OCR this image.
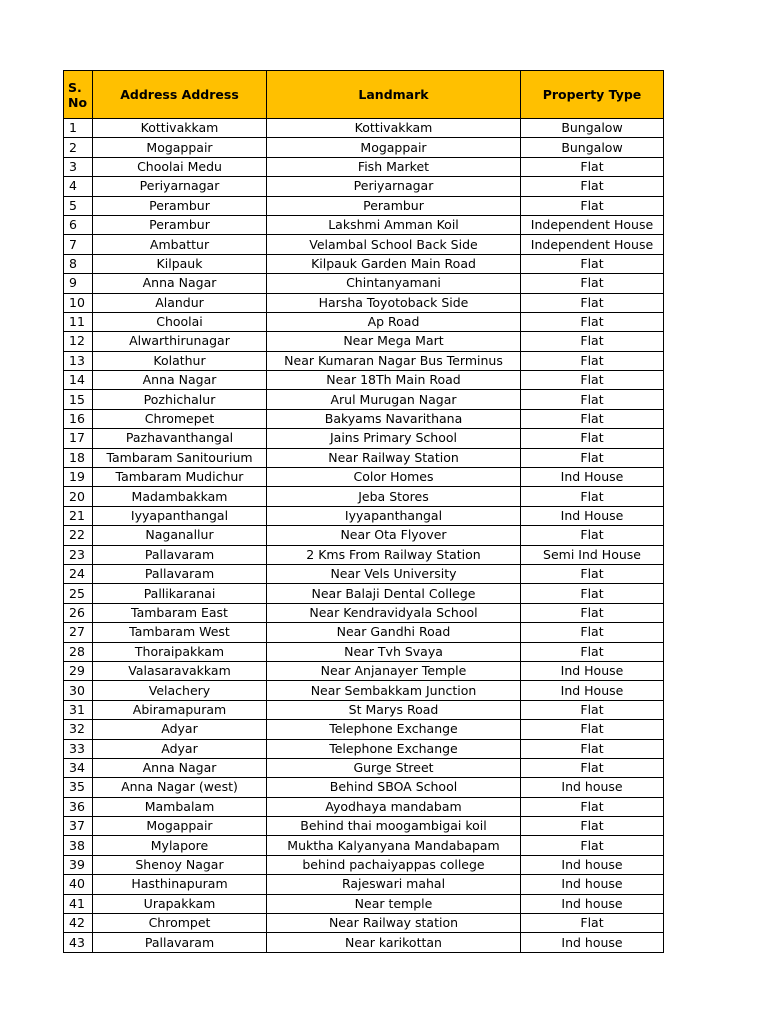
S. No	Address Address	Landmark	Property Type
1	Kottivakkam	Kottivakkam	Bungalow
2	Mogappair	Mogappair	Bungalow
3	Choolai Medu	Fish Market	Flat
4	Periyarnagar	Periyarnagar	Flat
5	Perambur	Perambur	Flat
6	Perambur	Lakshmi Amman Koil	Independent House
7	Ambattur	Velambal School Back Side	Independent House
8	Kilpauk	Kilpauk Garden Main Road	Flat
9	Anna Nagar	Chintanyamani	Flat
10	Alandur	Harsha Toyotoback Side	Flat
11	Choolai	Ap Road	Flat
12	Alwarthirunagar	Near Mega Mart	Flat
13	Kolathur	Near Kumaran Nagar Bus Terminus	Flat
14	Anna Nagar	Near 18Th Main Road	Flat
15	Pozhichalur	Arul Murugan Nagar	Flat
16	Chromepet	Bakyams Navarithana	Flat
17	Pazhavanthangal	Jains Primary School	Flat
18	Tambaram Sanitourium	Near Railway Station	Flat
19	Tambaram Mudichur	Color Homes	Ind House
20	Madambakkam	Jeba Stores	Flat
21	Iyyapanthangal	Iyyapanthangal	Ind House
22	Naganallur	Near Ota Flyover	Flat
23	Pallavaram	2 Kms From Railway Station	Semi Ind House
24	Pallavaram	Near Vels University	Flat
25	Pallikaranai	Near Balaji Dental College	Flat
26	Tambaram East	Near Kendravidyala School	Flat
27	Tambaram West	Near Gandhi Road	Flat
28	Thoraipakkam	Near Tvh Svaya	Flat
29	Valasaravakkam	Near Anjanayer Temple	Ind House
30	Velachery	Near Sembakkam Junction	Ind House
31	Abiramapuram	St Marys Road	Flat
32	Adyar	Telephone Exchange	Flat
33	Adyar	Telephone Exchange	Flat
34	Anna Nagar	Gurge Street	Flat
35	Anna Nagar (west)	Behind SBOA School	Ind house
36	Mambalam	Ayodhaya mandabam	Flat
37	Mogappair	Behind thai moogambigai koil	Flat
38	Mylapore	Muktha Kalyanyana Mandabapam	Flat
39	Shenoy Nagar	behind pachaiyappas college	Ind house
40	Hasthinapuram	Rajeswari mahal	Ind house
41	Urapakkam	Near temple	Ind house
42	Chrompet	Near Railway station	Flat
43	Pallavaram	Near karikottan	Ind house
